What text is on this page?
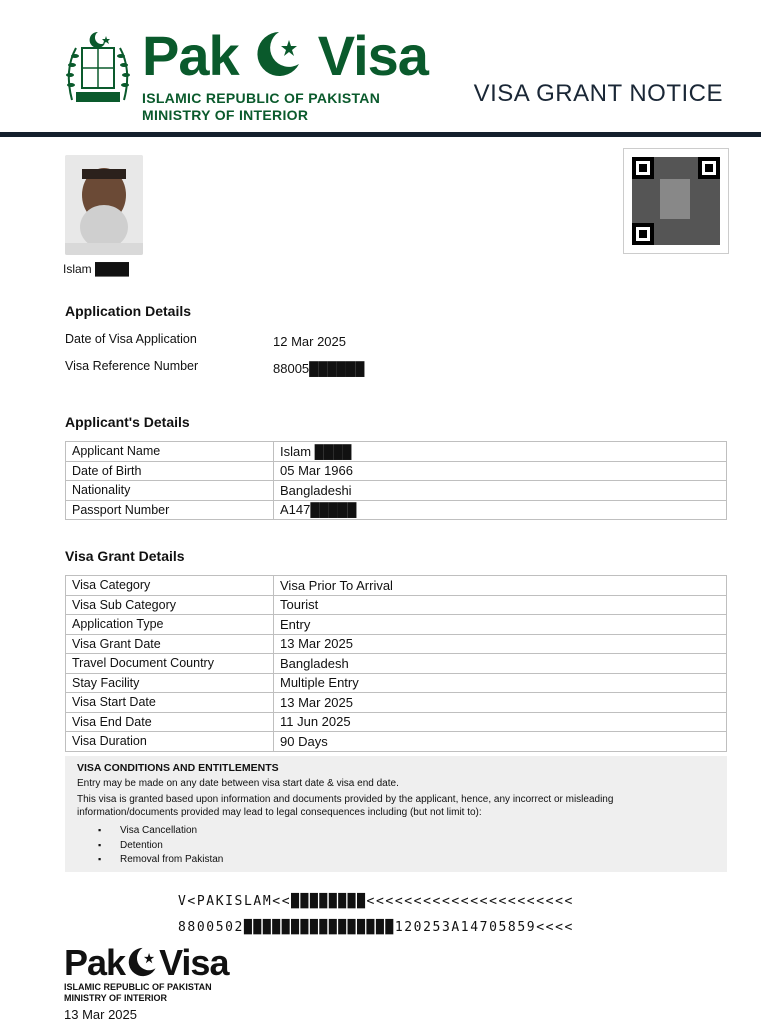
Pak Visa
ISLAMIC REPUBLIC OF PAKISTAN
MINISTRY OF INTERIOR
VISA GRANT NOTICE
Islam ████
Application Details
Date of Visa Application	12 Mar 2025
Visa Reference Number	88005██████
Applicant's Details
Applicant Name	Islam ████
Date of Birth	05 Mar 1966
Nationality	Bangladeshi
Passport Number	A147█████
Visa Grant Details
Visa Category	Visa Prior To Arrival
Visa Sub Category	Tourist
Application Type	Entry
Visa Grant Date	13 Mar 2025
Travel Document Country	Bangladesh
Stay Facility	Multiple Entry
Visa Start Date	13 Mar 2025
Visa End Date	11 Jun 2025
Visa Duration	90 Days
VISA CONDITIONS AND ENTITLEMENTS
Entry may be made on any date between visa start date & visa end date.
This visa is granted based upon information and documents provided by the applicant, hence, any incorrect or misleading information/documents provided may lead to legal consequences including (but not limit to):
▪ Visa Cancellation
▪ Detention
▪ Removal from Pakistan
V<PAKISLAM<<████████<<<<<<<<<<<<<<<<<<<<<<
8800502████████████████120253A14705859<<<<
Pak Visa
ISLAMIC REPUBLIC OF PAKISTAN
MINISTRY OF INTERIOR
13 Mar 2025
